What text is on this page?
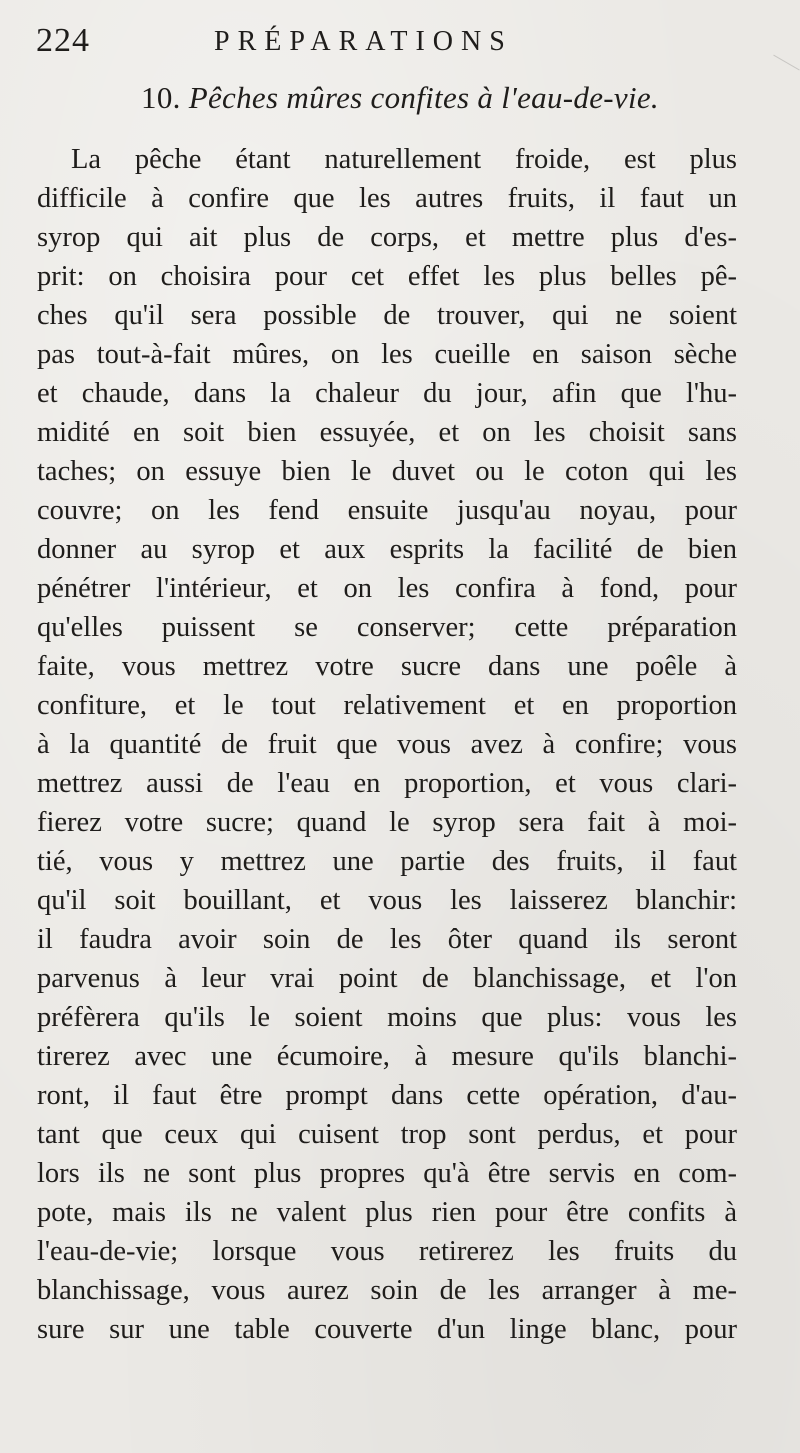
224	PRÉPARATIONS
10. Pêches mûres confites à l'eau-de-vie.
La pêche étant naturellement froide, est plus
difficile à confire que les autres fruits, il faut un
syrop qui ait plus de corps, et mettre plus d'es-
prit: on choisira pour cet effet les plus belles pê-
ches qu'il sera possible de trouver, qui ne soient
pas tout-à-fait mûres, on les cueille en saison sèche
et chaude, dans la chaleur du jour, afin que l'hu-
midité en soit bien essuyée, et on les choisit sans
taches; on essuye bien le duvet ou le coton qui les
couvre; on les fend ensuite jusqu'au noyau, pour
donner au syrop et aux esprits la facilité de bien
pénétrer l'intérieur, et on les confira à fond, pour
qu'elles puissent se conserver; cette préparation
faite, vous mettrez votre sucre dans une poêle à
confiture, et le tout relativement et en proportion
à la quantité de fruit que vous avez à confire; vous
mettrez aussi de l'eau en proportion, et vous clari-
fierez votre sucre; quand le syrop sera fait à moi-
tié, vous y mettrez une partie des fruits, il faut
qu'il soit bouillant, et vous les laisserez blanchir:
il faudra avoir soin de les ôter quand ils seront
parvenus à leur vrai point de blanchissage, et l'on
préfèrera qu'ils le soient moins que plus: vous les
tirerez avec une écumoire, à mesure qu'ils blanchi-
ront, il faut être prompt dans cette opération, d'au-
tant que ceux qui cuisent trop sont perdus, et pour
lors ils ne sont plus propres qu'à être servis en com-
pote, mais ils ne valent plus rien pour être confits à
l'eau-de-vie; lorsque vous retirerez les fruits du
blanchissage, vous aurez soin de les arranger à me-
sure sur une table couverte d'un linge blanc, pour
